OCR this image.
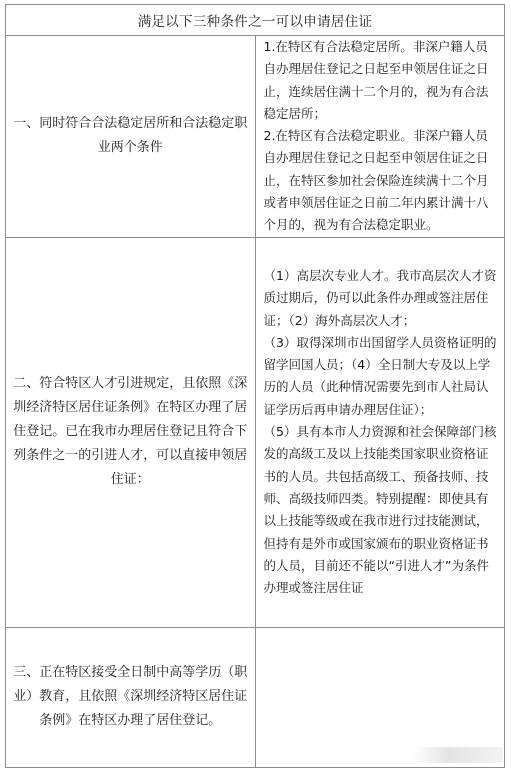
满足以下三种条件之一可以申请居住证	
一、同时符合合法稳定居所和合法稳定职业两个条件	1.在特区有合法稳定居所。非深户籍人员自办理居住登记之日起至申领居住证之日止，连续居住满十二个月的，视为有合法稳定居所；

2.在特区有合法稳定职业。非深户籍人员自办理居住登记之日起至申领居住证之日止，在特区参加社会保险连续满十二个月或者申领居住证之日前二年内累计满十八个月的，视为有合法稳定职业。

二、符合特区人才引进规定，且依照《深圳经济特区居住证条例》在特区办理了居住登记。已在我市办理居住登记且符合下列条件之一的引进人才，可以直接申领居住证：	（1）高层次专业人才。我市高层次人才资质过期后，仍可以此条件办理或签注居住证；（2）海外高层次人才；

（3）取得深圳市出国留学人员资格证明的留学回国人员；（4）全日制大专及以上学历的人员（此种情况需要先到市人社局认证学历后再申请办理居住证）；

（5）具有本市人力资源和社会保障部门核发的高级工及以上技能类国家职业资格证书的人员。共包括高级工、预备技师、技师、高级技师四类。特别提醒：即使具有以上技能等级或在我市进行过技能测试，但持有是外市或国家颁布的职业资格证书的人员，目前还不能以“引进人才”为条件办理或签注居住证

三、正在特区接受全日制中高等学历（职业）教育，且依照《深圳经济特区居住证条例》在特区办理了居住登记。	
